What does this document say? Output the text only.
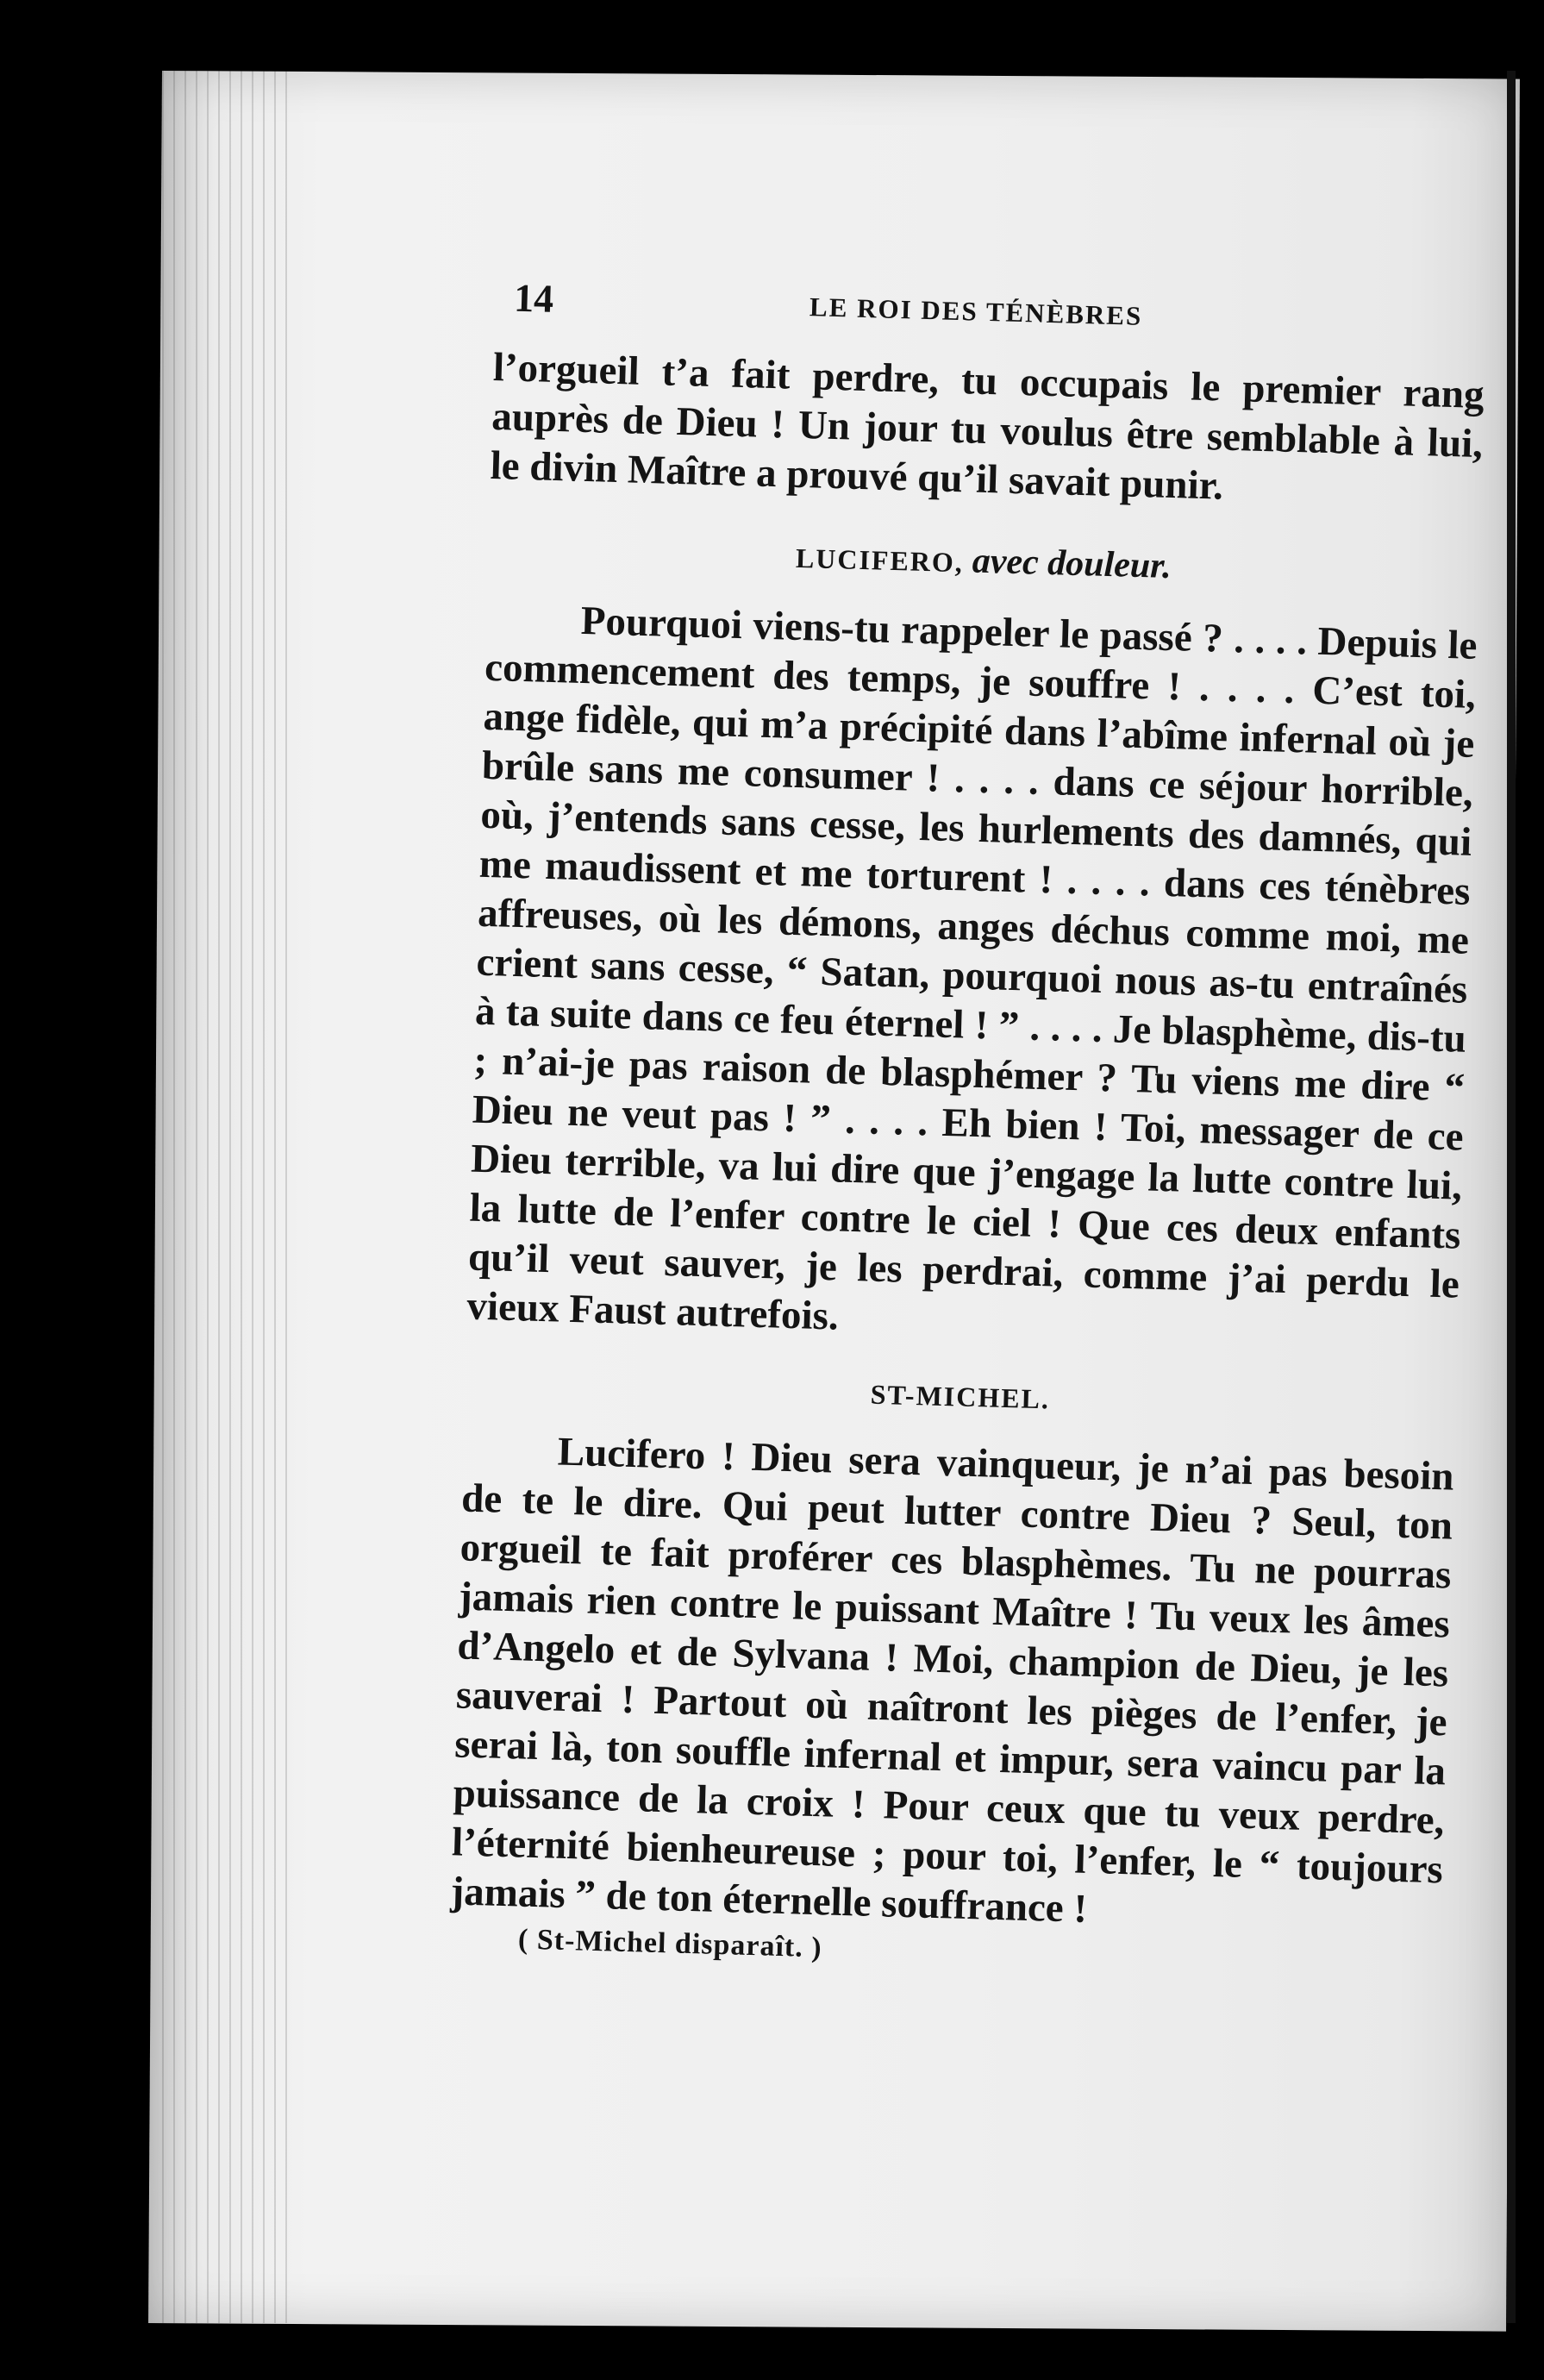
14	LE ROI DES TÉNÈBRES

l’orgueil t’a fait perdre, tu occupais le premier rang auprès de Dieu ! Un jour tu voulus être semblable à lui, le divin Maître a prouvé qu’il savait punir.

LUCIFERO, avec douleur.

Pourquoi viens-tu rappeler le passé ? . . . . Depuis le commencement des temps, je souffre ! . . . . C’est toi, ange fidèle, qui m’a précipité dans l’abîme infernal où je brûle sans me consumer ! . . . . dans ce séjour horrible, où, j’entends sans cesse, les hurlements des damnés, qui me maudissent et me torturent ! . . . . dans ces ténèbres affreuses, où les démons, anges déchus comme moi, me crient sans cesse, “ Satan, pourquoi nous as-tu entraînés à ta suite dans ce feu éternel ! ” . . . . Je blasphème, dis-tu ; n’ai-je pas raison de blasphémer ? Tu viens me dire “ Dieu ne veut pas ! ” . . . . Eh bien ! Toi, messager de ce Dieu terrible, va lui dire que j’engage la lutte contre lui, la lutte de l’enfer contre le ciel ! Que ces deux enfants qu’il veut sauver, je les perdrai, comme j’ai perdu le vieux Faust autrefois.

ST-MICHEL.

Lucifero ! Dieu sera vainqueur, je n’ai pas besoin de te le dire. Qui peut lutter contre Dieu ? Seul, ton orgueil te fait proférer ces blasphèmes. Tu ne pourras jamais rien contre le puissant Maître ! Tu veux les âmes d’Angelo et de Sylvana ! Moi, champion de Dieu, je les sauverai ! Partout où naîtront les pièges de l’enfer, je serai là, ton souffle infernal et impur, sera vaincu par la puissance de la croix ! Pour ceux que tu veux perdre, l’éternité bienheureuse ; pour toi, l’enfer, le “ toujours jamais ” de ton éternelle souffrance !

( St-Michel disparaît. )
